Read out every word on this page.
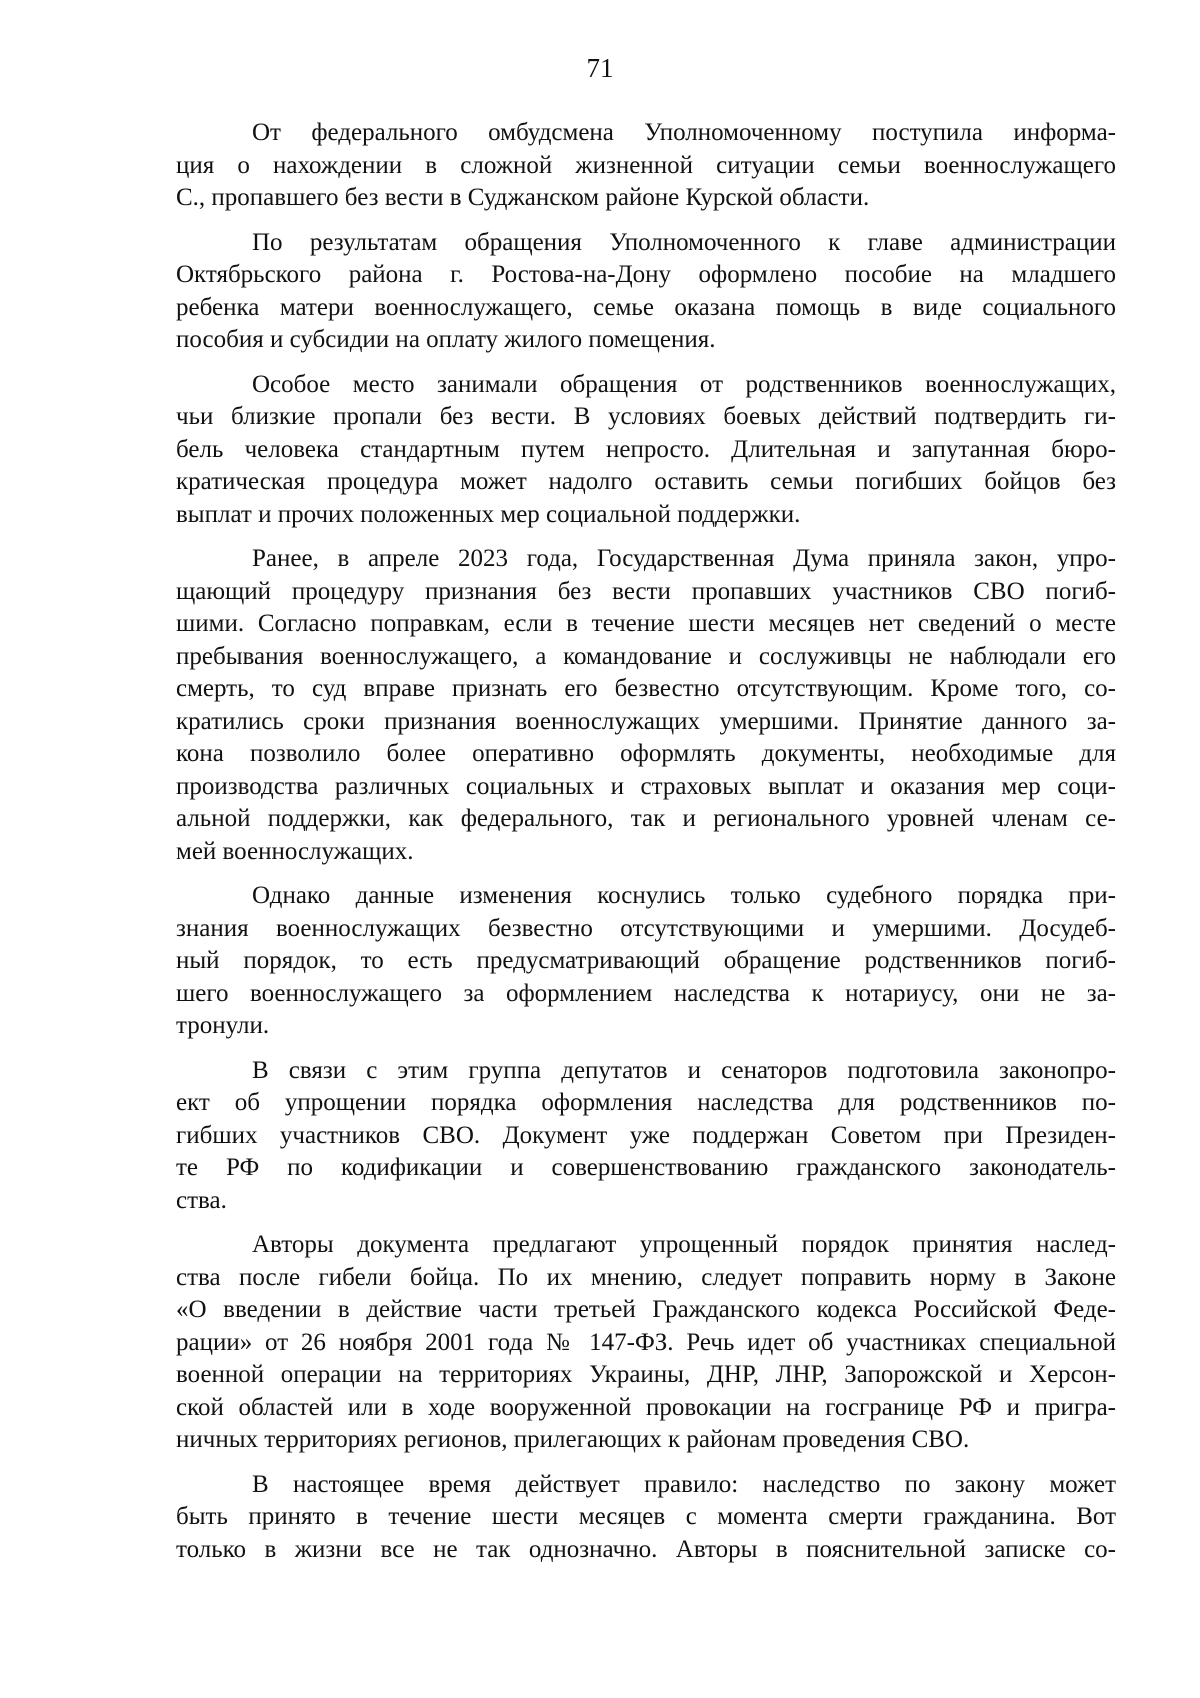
71

От федерального омбудсмена Уполномоченному поступила информа-
ция о нахождении в сложной жизненной ситуации семьи военнослужащего
С., пропавшего без вести в Суджанском районе Курской области.

По результатам обращения Уполномоченного к главе администрации
Октябрьского района г. Ростова-на-Дону оформлено пособие на младшего
ребенка матери военнослужащего, семье оказана помощь в виде социального
пособия и субсидии на оплату жилого помещения.

Особое место занимали обращения от родственников военнослужащих,
чьи близкие пропали без вести. В условиях боевых действий подтвердить ги-
бель человека стандартным путем непросто. Длительная и запутанная бюро-
кратическая процедура может надолго оставить семьи погибших бойцов без
выплат и прочих положенных мер социальной поддержки.

Ранее, в апреле 2023 года, Государственная Дума приняла закон, упро-
щающий процедуру признания без вести пропавших участников СВО погиб-
шими. Согласно поправкам, если в течение шести месяцев нет сведений о месте
пребывания военнослужащего, а командование и сослуживцы не наблюдали его
смерть, то суд вправе признать его безвестно отсутствующим. Кроме того, со-
кратились сроки признания военнослужащих умершими. Принятие данного за-
кона позволило более оперативно оформлять документы, необходимые для
производства различных социальных и страховых выплат и оказания мер соци-
альной поддержки, как федерального, так и регионального уровней членам се-
мей военнослужащих.

Однако данные изменения коснулись только судебного порядка при-
знания военнослужащих безвестно отсутствующими и умершими. Досудеб-
ный порядок, то есть предусматривающий обращение родственников погиб-
шего военнослужащего за оформлением наследства к нотариусу, они не за-
тронули.

В связи с этим группа депутатов и сенаторов подготовила законопро-
ект об упрощении порядка оформления наследства для родственников по-
гибших участников СВО. Документ уже поддержан Советом при Президен-
те РФ по кодификации и совершенствованию гражданского законодатель-
ства.

Авторы документа предлагают упрощенный порядок принятия наслед-
ства после гибели бойца. По их мнению, следует поправить норму в Законе
«О введении в действие части третьей Гражданского кодекса Российской Феде-
рации» от 26 ноября 2001 года № 147-ФЗ. Речь идет об участниках специальной
военной операции на территориях Украины, ДНР, ЛНР, Запорожской и Херсон-
ской областей или в ходе вооруженной провокации на госгранице РФ и пригра-
ничных территориях регионов, прилегающих к районам проведения СВО.

В настоящее время действует правило: наследство по закону может
быть принято в течение шести месяцев с момента смерти гражданина. Вот
только в жизни все не так однозначно. Авторы в пояснительной записке со-
